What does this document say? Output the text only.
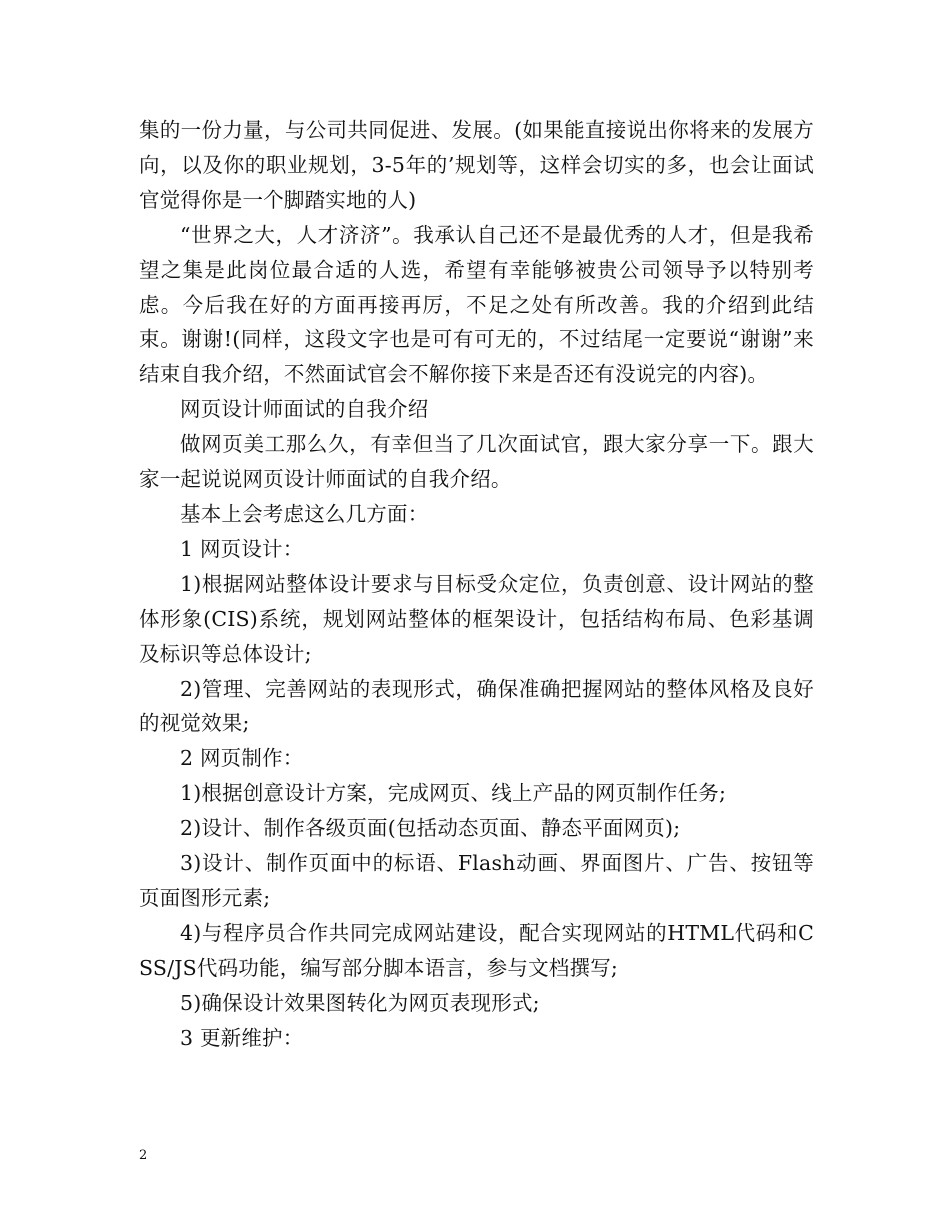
集的一份力量，与公司共同促进、发展。(如果能直接说出你将来的发展方向，以及你的职业规划，3-5年的’规划等，这样会切实的多，也会让面试官觉得你是一个脚踏实地的人)

“世界之大，人才济济”。我承认自己还不是最优秀的人才，但是我希望之集是此岗位最合适的人选，希望有幸能够被贵公司领导予以特别考虑。今后我在好的方面再接再厉，不足之处有所改善。我的介绍到此结束。谢谢!(同样，这段文字也是可有可无的，不过结尾一定要说“谢谢”来结束自我介绍，不然面试官会不解你接下来是否还有没说完的内容)。

网页设计师面试的自我介绍

做网页美工那么久，有幸但当了几次面试官，跟大家分享一下。跟大家一起说说网页设计师面试的自我介绍。

基本上会考虑这么几方面：

1 网页设计：

1)根据网站整体设计要求与目标受众定位，负责创意、设计网站的整体形象(CIS)系统，规划网站整体的框架设计，包括结构布局、色彩基调及标识等总体设计;

2)管理、完善网站的表现形式，确保准确把握网站的整体风格及良好的视觉效果;

2 网页制作：

1)根据创意设计方案，完成网页、线上产品的网页制作任务;

2)设计、制作各级页面(包括动态页面、静态平面网页);

3)设计、制作页面中的标语、Flash动画、界面图片、广告、按钮等页面图形元素;

4)与程序员合作共同完成网站建设，配合实现网站的HTML代码和CSS/JS代码功能，编写部分脚本语言，参与文档撰写;

5)确保设计效果图转化为网页表现形式;

3 更新维护：

2
